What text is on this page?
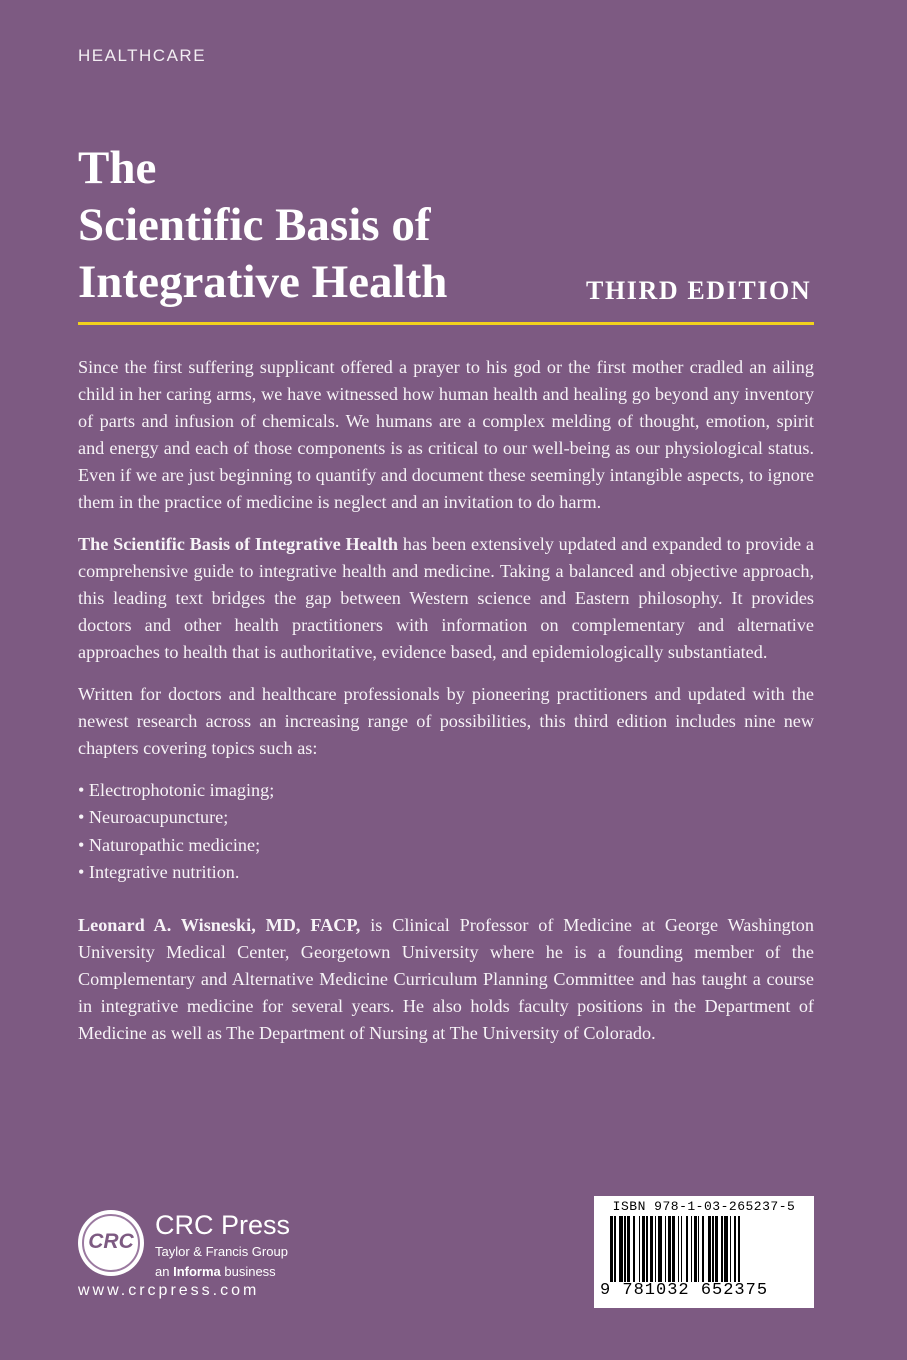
HEALTHCARE
The
Scientific Basis of
Integrative Health	THIRD EDITION

Since the first suffering supplicant offered a prayer to his god or the first mother cradled an ailing child in her caring arms, we have witnessed how human health and healing go beyond any inventory of parts and infusion of chemicals. We humans are a complex melding of thought, emotion, spirit and energy and each of those components is as critical to our well-being as our physiological status. Even if we are just beginning to quantify and document these seemingly intangible aspects, to ignore them in the practice of medicine is neglect and an invitation to do harm.

The Scientific Basis of Integrative Health has been extensively updated and expanded to provide a comprehensive guide to integrative health and medicine. Taking a balanced and objective approach, this leading text bridges the gap between Western science and Eastern philosophy. It provides doctors and other health practitioners with information on complementary and alternative approaches to health that is authoritative, evidence based, and epidemiologically substantiated.

Written for doctors and healthcare professionals by pioneering practitioners and updated with the newest research across an increasing range of possibilities, this third edition includes nine new chapters covering topics such as:

• Electrophotonic imaging;
• Neuroacupuncture;
• Naturopathic medicine;
• Integrative nutrition.

Leonard A. Wisneski, MD, FACP, is Clinical Professor of Medicine at George Washington University Medical Center, Georgetown University where he is a founding member of the Complementary and Alternative Medicine Curriculum Planning Committee and has taught a course in integrative medicine for several years. He also holds faculty positions in the Department of Medicine as well as The Department of Nursing at The University of Colorado.

CRC
CRC Press
Taylor & Francis Group
an Informa business
www.crcpress.com
ISBN 978-1-03-265237-5
9 781032 652375
